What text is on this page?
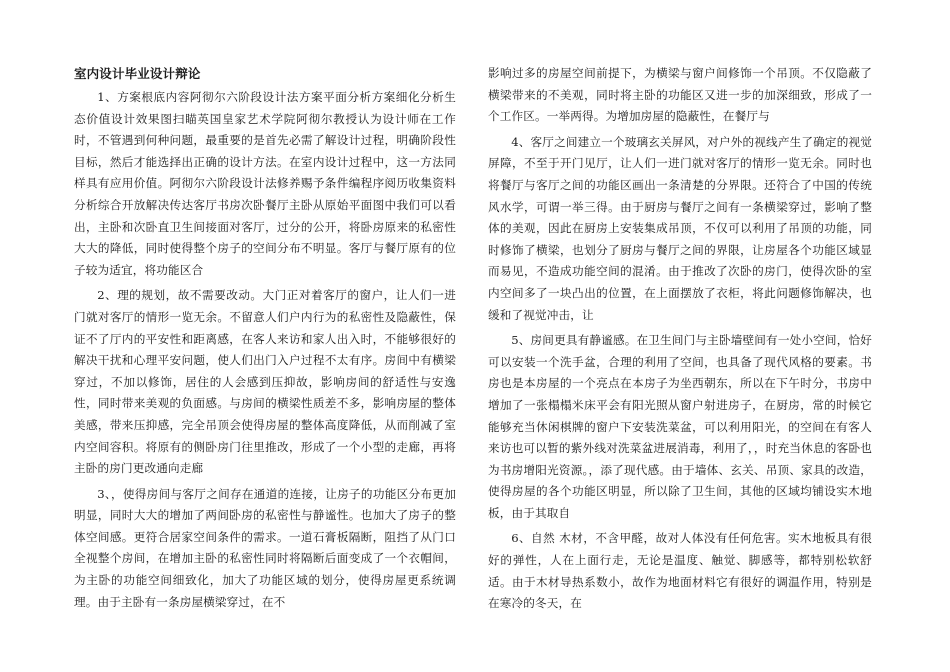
室内设计毕业设计辩论

1、方案根底内容阿彻尔六阶段设计法方案平面分析方案细化分析生态价值设计效果图扫瞄英国皇家艺术学院阿彻尔教授认为设计师在工作时，不管遇到何种问题，最重要的是首先必需了解设计过程，明确阶段性目标，然后才能选择出正确的设计方法。在室内设计过程中，这一方法同样具有应用价值。阿彻尔六阶段设计法修养赐予条件编程序阅历收集资料分析综合开放解决传达客厅书房次卧餐厅主卧从原始平面图中我们可以看出，主卧和次卧直卫生间接面对客厅，过分的公开，将卧房原来的私密性大大的降低，同时使得整个房子的空间分布不明显。客厅与餐厅原有的位子较为适宜，将功能区合

2、理的规划，故不需要改动。大门正对着客厅的窗户，让人们一进门就对客厅的情形一览无余。不留意人们户内行为的私密性及隐蔽性，保证不了厅内的平安性和距离感，在客人来访和家人出入时，不能够很好的解决干扰和心理平安问题，使人们出门入户过程不太有序。房间中有横梁穿过，不加以修饰，居住的人会感到压抑故，影响房间的舒适性与安逸性，同时带来美观的负面感。与房间的横梁性质差不多，影响房屋的整体美感，带来压抑感，完全吊顶会使得房屋的整体高度降低，从而削减了室内空间容积。将原有的侧卧房门往里推改，形成了一个小型的走廊，再将主卧的房门更改通向走廊

3、，使得房间与客厅之间存在通道的连接，让房子的功能区分布更加明显，同时大大的增加了两间卧房的私密性与静谧性。也加大了房子的整体空间感。更符合居家空间条件的需求。一道石膏板隔断，阻挡了从门口全视整个房间，在增加主卧的私密性同时将隔断后面变成了一个衣帽间，为主卧的功能空间细致化，加大了功能区域的划分，使得房屋更系统调理。由于主卧有一条房屋横梁穿过，在不

影响过多的房屋空间前提下，为横梁与窗户间修饰一个吊顶。不仅隐蔽了横梁带来的不美观，同时将主卧的功能区又进一步的加深细致，形成了一个工作区。一举两得。为增加房屋的隐蔽性，在餐厅与

4、客厅之间建立一个玻璃玄关屏风，对户外的视线产生了确定的视觉屏障，不至于开门见厅，让人们一进门就对客厅的情形一览无余。同时也将餐厅与客厅之间的功能区画出一条清楚的分界限。还符合了中国的传统风水学，可谓一举三得。由于厨房与餐厅之间有一条横梁穿过，影响了整体的美观，因此在厨房上安装集成吊顶，不仅可以利用了吊顶的功能，同时修饰了横梁，也划分了厨房与餐厅之间的界限，让房屋各个功能区域显而易见，不造成功能空间的混淆。由于推改了次卧的房门，使得次卧的室内空间多了一块凸出的位置，在上面摆放了衣柜，将此问题修饰解决，也缓和了视觉冲击，让

5、房间更具有静谧感。在卫生间门与主卧墙壁间有一处小空间，恰好可以安装一个洗手盆，合理的利用了空间，也具备了现代风格的要素。书房也是本房屋的一个亮点在本房子为坐西朝东，所以在下午时分，书房中增加了一张榻榻米床平会有阳光照从窗户射进房子，在厨房，常的时候它能够充当休闲棋牌的窗户下安装洗菜盆，可以利用阳光，的空间在有客人来访也可以暂的紫外线对洗菜盆进展消毒，利用了，，时充当休息的客卧也为书房增阳光资源。，添了现代感。由于墙体、玄关、吊顶、家具的改造，使得房屋的各个功能区明显，所以除了卫生间，其他的区域均铺设实木地板，由于其取自

6、自然 木材，不含甲醛，故对人体没有任何危害。实木地板具有很好的弹性，人在上面行走，无论是温度、触觉、脚感等，都特别松软舒适。由于木材导热系数小，故作为地面材料它有很好的调温作用，特别是在寒冷的冬天，在
